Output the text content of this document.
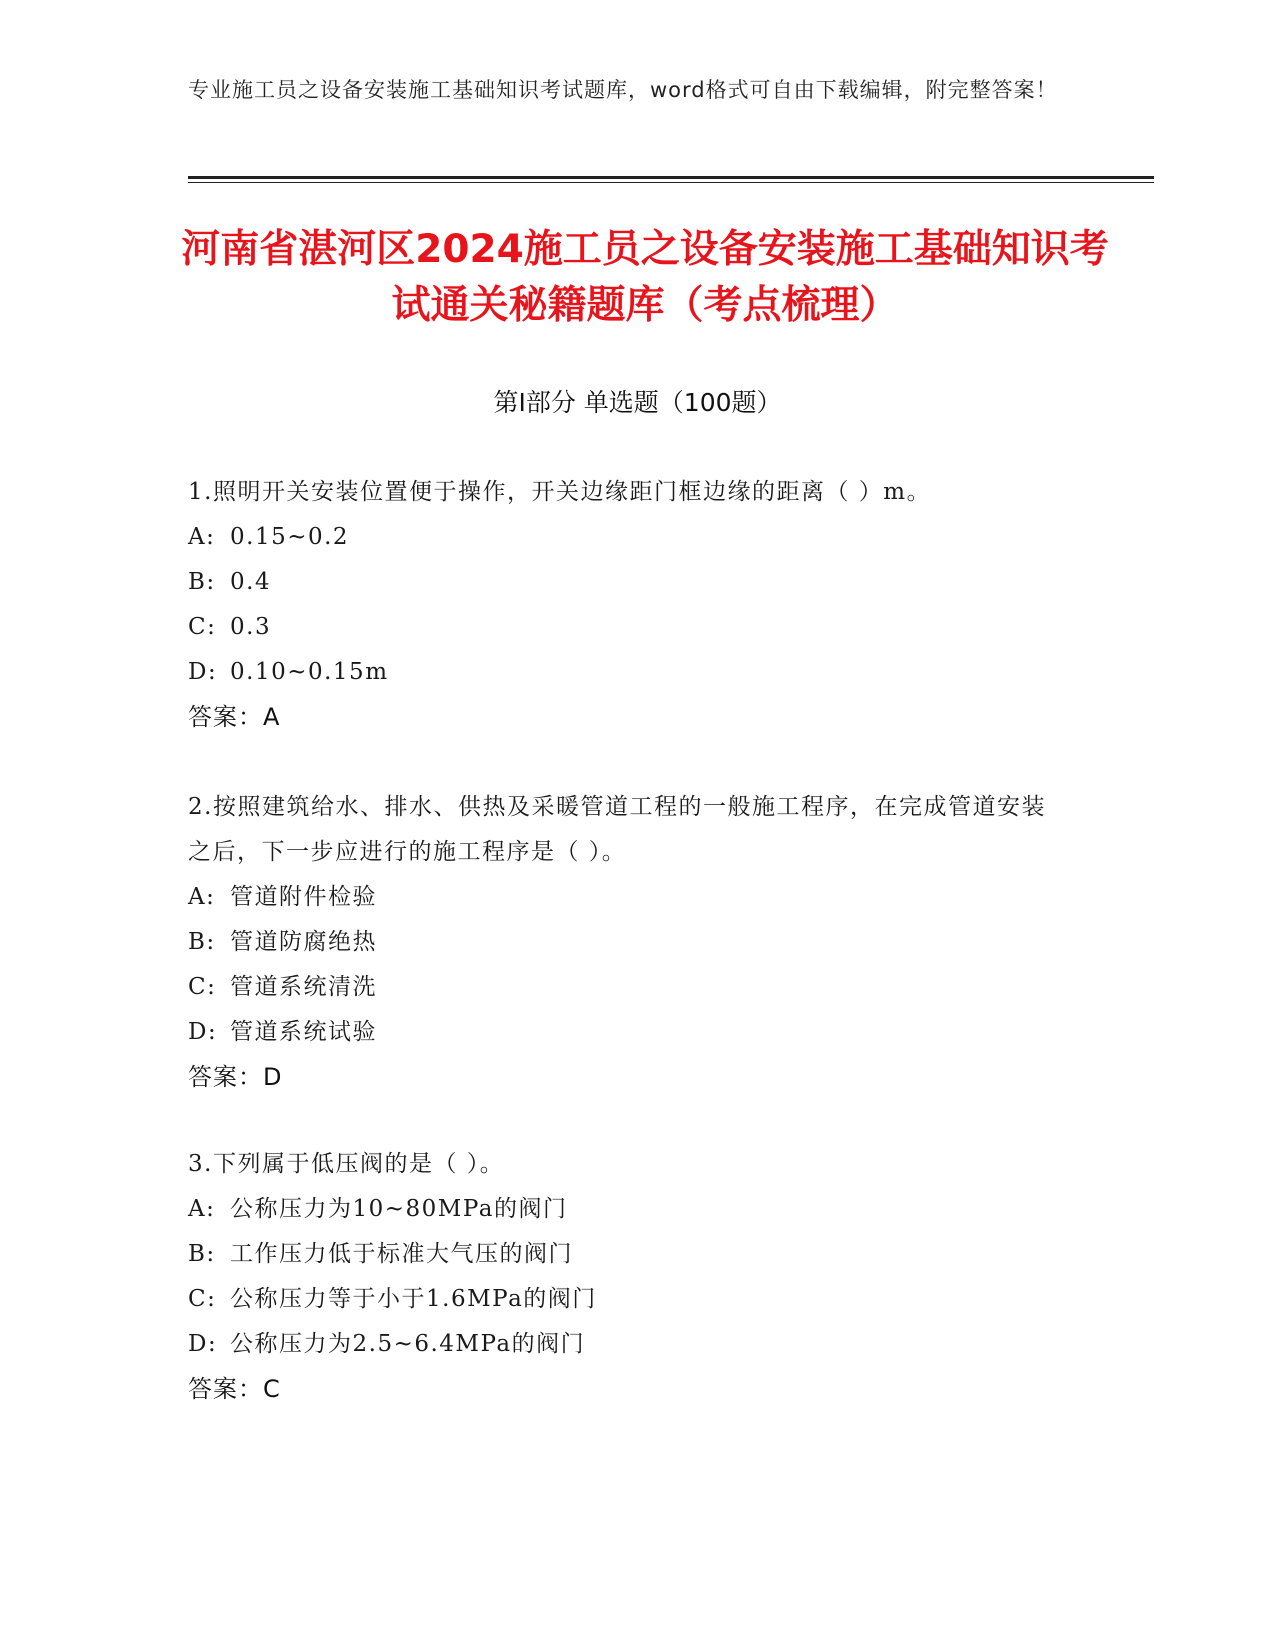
专业施工员之设备安装施工基础知识考试题库，word格式可自由下载编辑，附完整答案！
河南省湛河区2024施工员之设备安装施工基础知识考试通关秘籍题库（考点梳理）
第Ⅰ部分 单选题（100题）
1.照明开关安装位置便于操作，开关边缘距门框边缘的距离（ ）m。
A: 0.15~0.2
B: 0.4
C: 0.3
D: 0.10~0.15m
答案：A
2.按照建筑给水、排水、供热及采暖管道工程的一般施工程序，在完成管道安装之后，下一步应进行的施工程序是（ ）。
A: 管道附件检验
B: 管道防腐绝热
C: 管道系统清洗
D: 管道系统试验
答案：D
3.下列属于低压阀的是（ ）。
A: 公称压力为10~80MPa的阀门
B: 工作压力低于标准大气压的阀门
C: 公称压力等于小于1.6MPa的阀门
D: 公称压力为2.5~6.4MPa的阀门
答案：C
